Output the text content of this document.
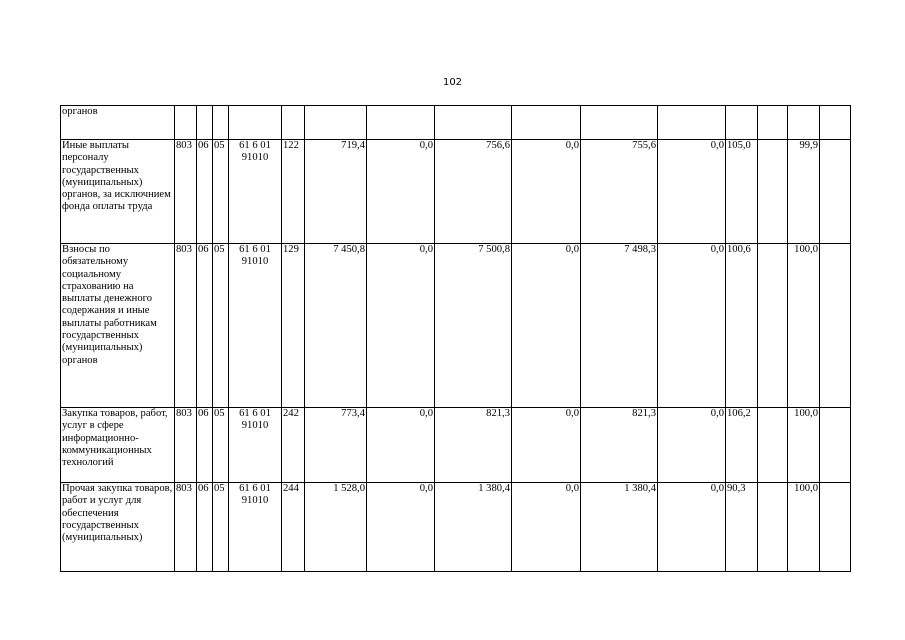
102
органов															
Иные выплаты персоналу государственных (муниципальных) органов, за исключнием фонда оплаты труда	803	06	05	61 6 01 91010	122	719,4	0,0	756,6	0,0	755,6	0,0	105,0		99,9	
Взносы по обязательному социальному страхованию на выплаты денежного содержания и иные выплаты работникам государственных (муниципальных) органов	803	06	05	61 6 01 91010	129	7 450,8	0,0	7 500,8	0,0	7 498,3	0,0	100,6		100,0	
Закупка товаров, работ, услуг в сфере информационно-коммуникационных технологий	803	06	05	61 6 01 91010	242	773,4	0,0	821,3	0,0	821,3	0,0	106,2		100,0	
Прочая закупка товаров, работ и услуг для обеспечения государственных (муниципальных)	803	06	05	61 6 01 91010	244	1 528,0	0,0	1 380,4	0,0	1 380,4	0,0	90,3		100,0	
